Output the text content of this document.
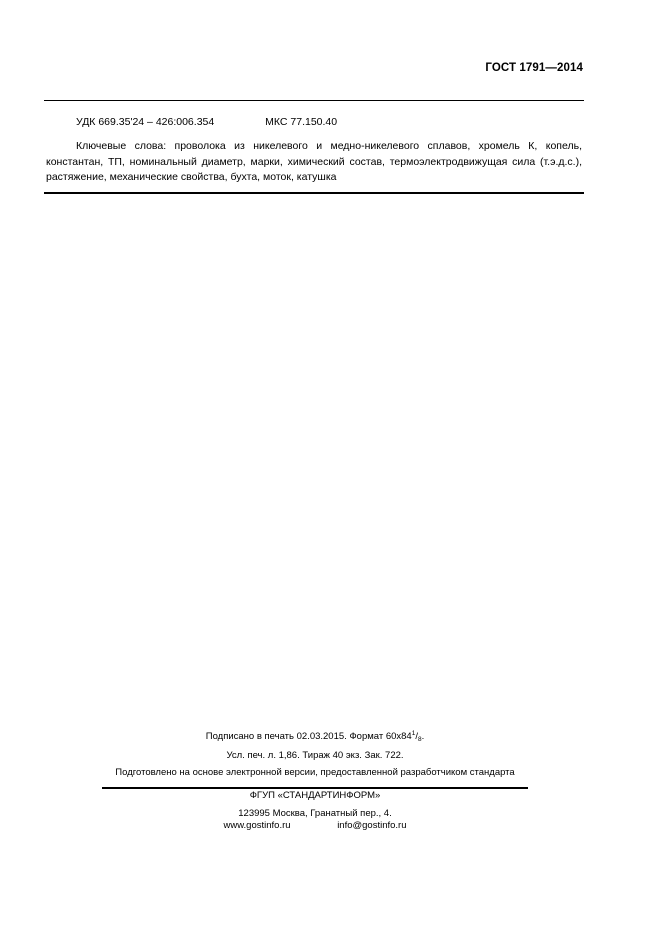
ГОСТ 1791—2014
УДК 669.35'24 – 426:006.354	МКС 77.150.40

Ключевые слова: проволока из никелевого и медно-никелевого сплавов, хромель К, копель, константан, ТП, номинальный диаметр, марки, химический состав, термоэлектродвижущая сила (т.э.д.с.), растяжение, механические свойства, бухта, моток, катушка

Подписано в печать 02.03.2015. Формат $60x84^1/_8$.
Усл. печ. л. 1,86. Тираж 40 экз. Зак. 722.
Подготовлено на основе электронной версии, предоставленной разработчиком стандарта
ФГУП «СТАНДАРТИНФОРМ»
123995 Москва, Гранатный пер., 4.
www.gostinfo.ru	info@gostinfo.ru
